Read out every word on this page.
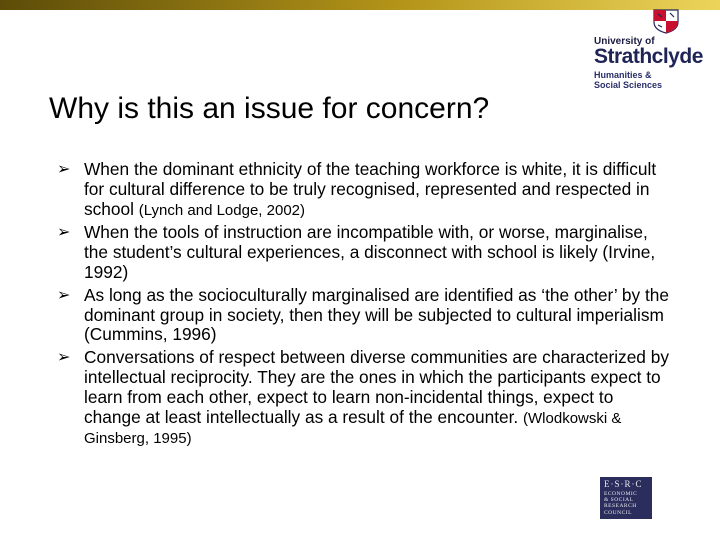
University of
Strathclyde
Humanities &
Social Sciences
Why is this an issue for concern?
➢ When the dominant ethnicity of the teaching workforce is white, it is difficult for cultural difference to be truly recognised, represented and respected in school (Lynch and Lodge, 2002)
➢ When the tools of instruction are incompatible with, or worse, marginalise, the student’s cultural experiences, a disconnect with school is likely (Irvine, 1992)
➢ As long as the socioculturally marginalised are identified as ‘the other’ by the dominant group in society, then they will be subjected to cultural imperialism (Cummins, 1996)
➢ Conversations of respect between diverse communities are characterized by intellectual reciprocity. They are the ones in which the participants expect to learn from each other, expect to learn non-incidental things, expect to change at least intellectually as a result of the encounter. (Wlodkowski & Ginsberg, 1995)
E·S·R·C
ECONOMIC
& SOCIAL
RESEARCH
COUNCIL
